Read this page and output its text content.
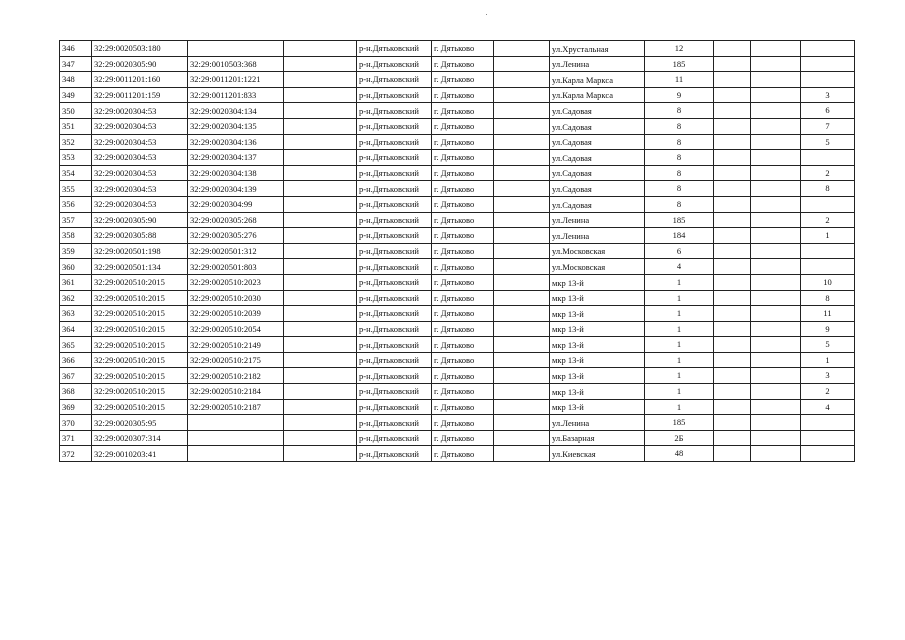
346	32:29:0020503:180			р-н.Дятьковский	г. Дятьково		ул.Хрустальная	12			
347	32:29:0020305:90	32:29:0010503:368		р-н.Дятьковский	г. Дятьково		ул.Ленина	185			
348	32:29:0011201:160	32:29:0011201:1221		р-н.Дятьковский	г. Дятьково		ул.Карла Маркса	11			
349	32:29:0011201:159	32:29:0011201:833		р-н.Дятьковский	г. Дятьково		ул.Карла Маркса	9			3
350	32:29:0020304:53	32:29:0020304:134		р-н.Дятьковский	г. Дятьково		ул.Садовая	8			6
351	32:29:0020304:53	32:29:0020304:135		р-н.Дятьковский	г. Дятьково		ул.Садовая	8			7
352	32:29:0020304:53	32:29:0020304:136		р-н.Дятьковский	г. Дятьково		ул.Садовая	8			5
353	32:29:0020304:53	32:29:0020304:137		р-н.Дятьковский	г. Дятьково		ул.Садовая	8			
354	32:29:0020304:53	32:29:0020304:138		р-н.Дятьковский	г. Дятьково		ул.Садовая	8			2
355	32:29:0020304:53	32:29:0020304:139		р-н.Дятьковский	г. Дятьково		ул.Садовая	8			8
356	32:29:0020304:53	32:29:0020304:99		р-н.Дятьковский	г. Дятьково		ул.Садовая	8			
357	32:29:0020305:90	32:29:0020305:268		р-н.Дятьковский	г. Дятьково		ул.Ленина	185			2
358	32:29:0020305:88	32:29:0020305:276		р-н.Дятьковский	г. Дятьково		ул.Ленина	184			1
359	32:29:0020501:198	32:29:0020501:312		р-н.Дятьковский	г. Дятьково		ул.Московская	6			
360	32:29:0020501:134	32:29:0020501:803		р-н.Дятьковский	г. Дятьково		ул.Московская	4			
361	32:29:0020510:2015	32:29:0020510:2023		р-н.Дятьковский	г. Дятьково		мкр 13-й	1			10
362	32:29:0020510:2015	32:29:0020510:2030		р-н.Дятьковский	г. Дятьково		мкр 13-й	1			8
363	32:29:0020510:2015	32:29:0020510:2039		р-н.Дятьковский	г. Дятьково		мкр 13-й	1			11
364	32:29:0020510:2015	32:29:0020510:2054		р-н.Дятьковский	г. Дятьково		мкр 13-й	1			9
365	32:29:0020510:2015	32:29:0020510:2149		р-н.Дятьковский	г. Дятьково		мкр 13-й	1			5
366	32:29:0020510:2015	32:29:0020510:2175		р-н.Дятьковский	г. Дятьково		мкр 13-й	1			1
367	32:29:0020510:2015	32:29:0020510:2182		р-н.Дятьковский	г. Дятьково		мкр 13-й	1			3
368	32:29:0020510:2015	32:29:0020510:2184		р-н.Дятьковский	г. Дятьково		мкр 13-й	1			2
369	32:29:0020510:2015	32:29:0020510:2187		р-н.Дятьковский	г. Дятьково		мкр 13-й	1			4
370	32:29:0020305:95			р-н.Дятьковский	г. Дятьково		ул.Ленина	185			
371	32:29:0020307:314			р-н.Дятьковский	г. Дятьково		ул.Базарная	2Б			
372	32:29:0010203:41			р-н.Дятьковский	г. Дятьково		ул.Киевская	48			
